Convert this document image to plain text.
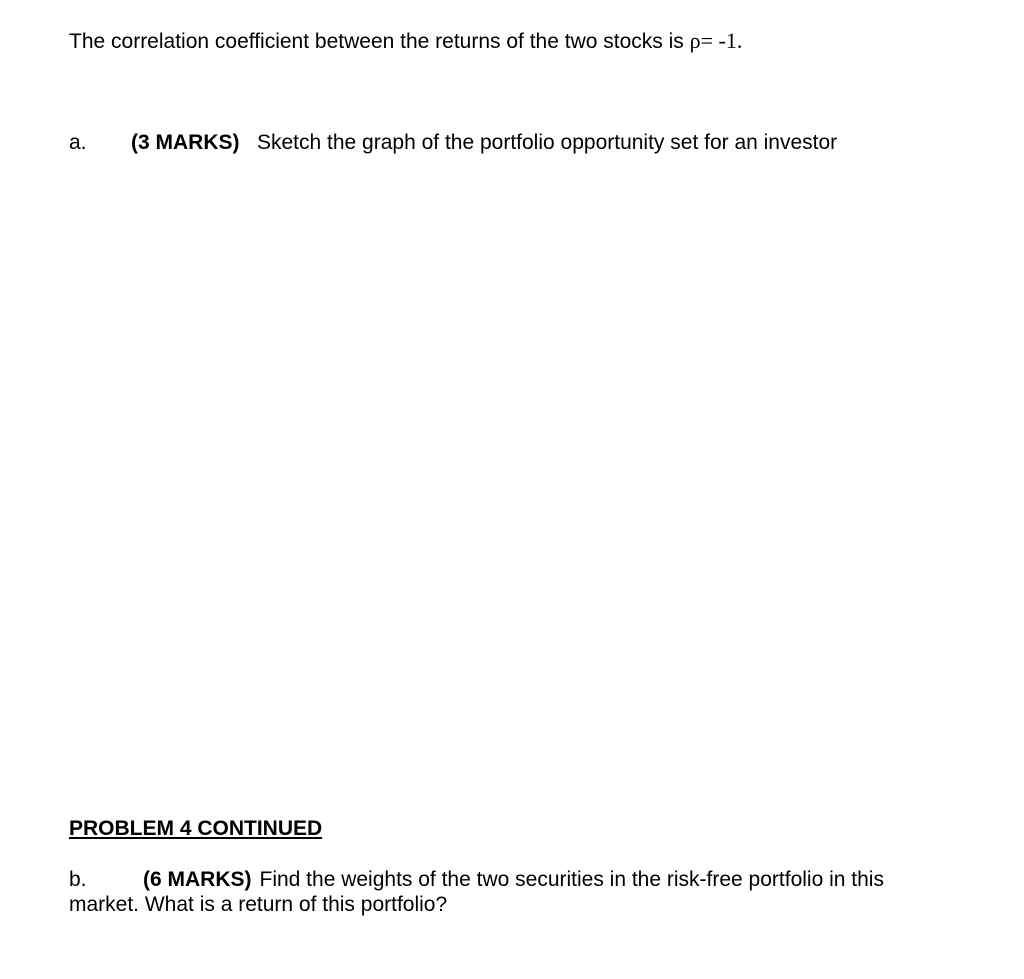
The correlation coefficient between the returns of the two stocks is ρ= -1.
a. (3 MARKS) Sketch the graph of the portfolio opportunity set for an investor
PROBLEM 4 CONTINUED
b.	(6 MARKS) Find the weights of the two securities in the risk-free portfolio in this market. What is a return of this portfolio?
